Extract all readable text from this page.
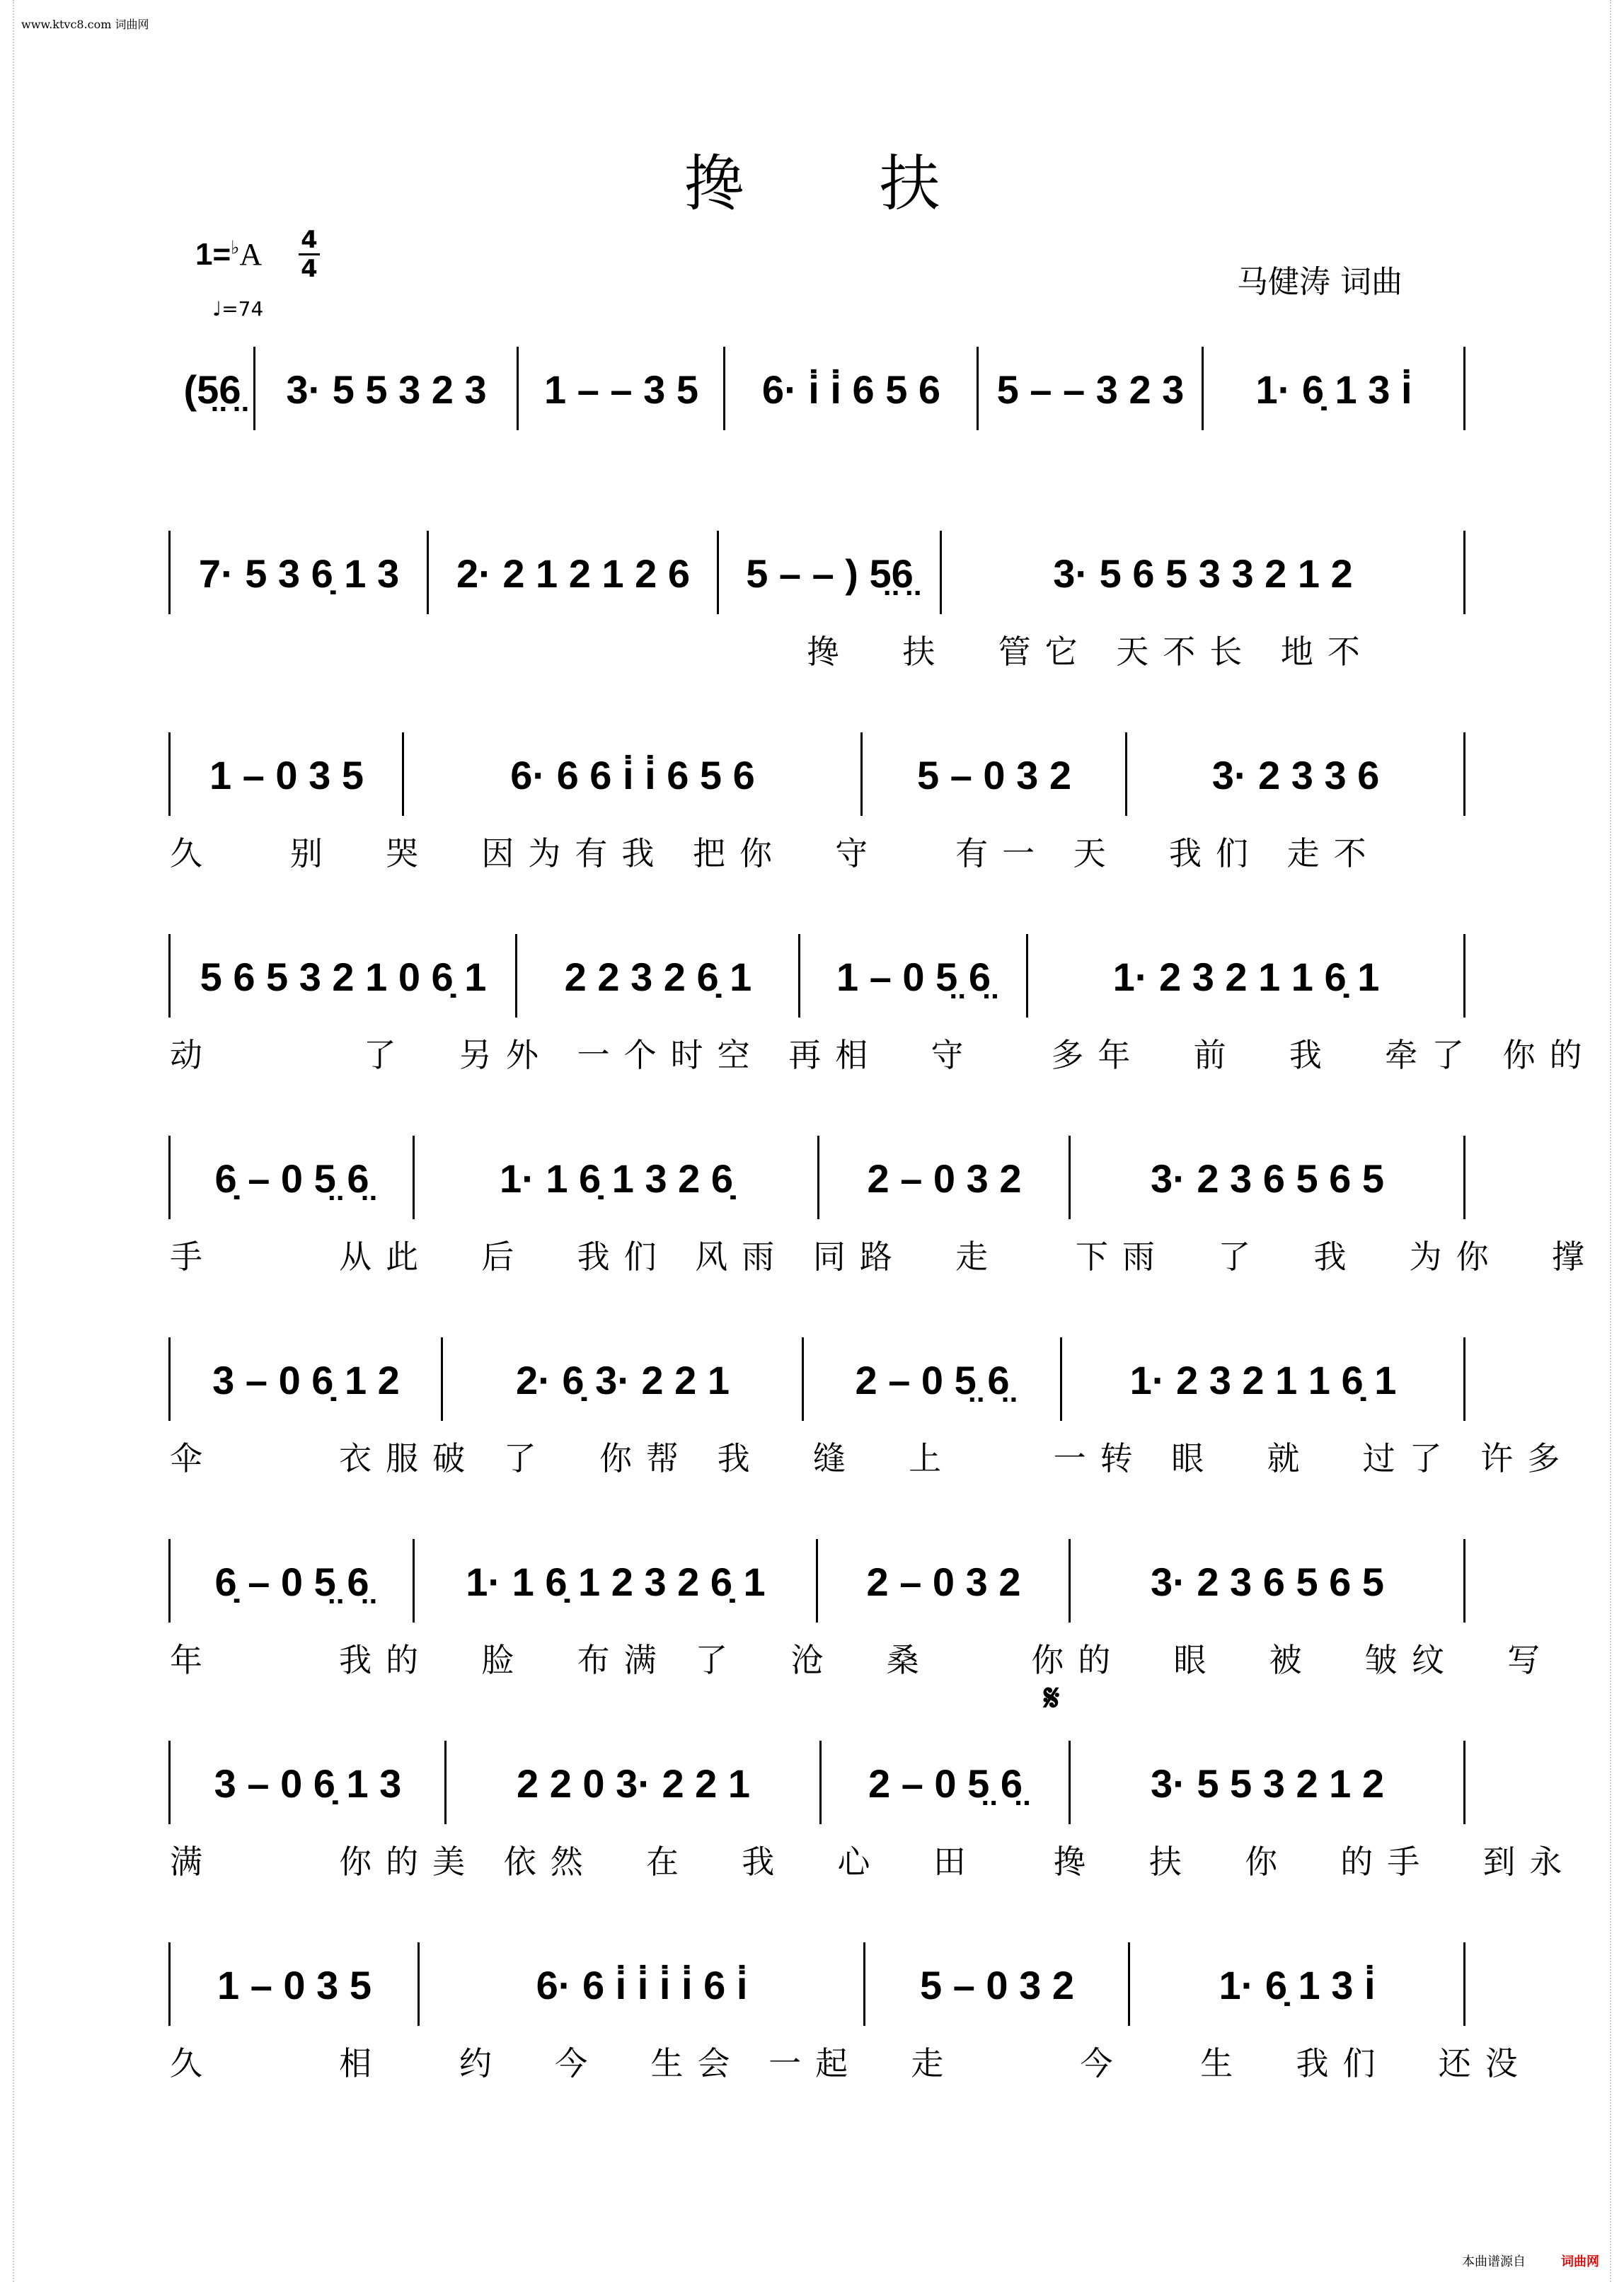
www.ktvc8.com 词曲网
搀扶
1=♭A 4
4
♩=74
马健涛 词曲
(5̤6̤	3· 5 5 3 2 3	1 – – 3 5	6· i̇ i̇ 6 5 6	5 – – 3 2 3	1· 6̣ 1 3 i̇
7· 5 3 6̣ 1 3	2· 2 1 2 1 2 6	5 – – ) 5̤6̤	3· 5 6 5 3 3 2 1 2
搀  扶  管它 天不长 地不
1 – 0 3 5	6· 6 6 i̇ i̇ 6 5 6	5 – 0 3 2	3· 2 3 3 6
久   别  哭  因为有我 把你  守   有一 天  我们 走不
5 6 5 3 2 1 0 6̣ 1	2 2 3 2 6̣ 1	1 – 0 5̤ 6̤	1· 2 3 2 1 1 6̣ 1
动      了  另外 一个时空 再相  守   多年  前  我  牵了 你的
6̣ – 0 5̤ 6̤	1· 1 6̣ 1 3 2 6̣	2 – 0 3 2	3· 2 3 6 5 6 5
手     从此  后  我们 风雨 同路  走   下雨  了  我  为你  撑
3 – 0 6̣ 1 2	2· 6̣ 3· 2 2 1	2 – 0 5̤ 6̤	1· 2 3 2 1 1 6̣ 1
伞     衣服破 了  你帮 我  缝  上    一转 眼  就  过了 许多
6̣ – 0 5̤ 6̤	1· 1 6̣ 1 2 3 2 6̣ 1	2 – 0 3 2	3· 2 3 6 5 6 5
年     我的  脸  布满 了  沧  桑    你的  眼  被  皱纹  写
3 – 0 6̣ 1 3	2 2 0 3· 2 2 1	2 – 0 5̤ 6̤	3· 5 5 3 2 1 2
满     你的美 依然  在  我  心  田   搀  扶  你  的手  到永
1 – 0 3 5	6· 6 i̇ i̇ i̇ i̇ 6 i̇	5 – 0 3 2	1· 6̣ 1 3 i̇
久     相   约  今  生会 一起  走     今   生  我们  还没
𝄋
本曲谱源自	词曲网
